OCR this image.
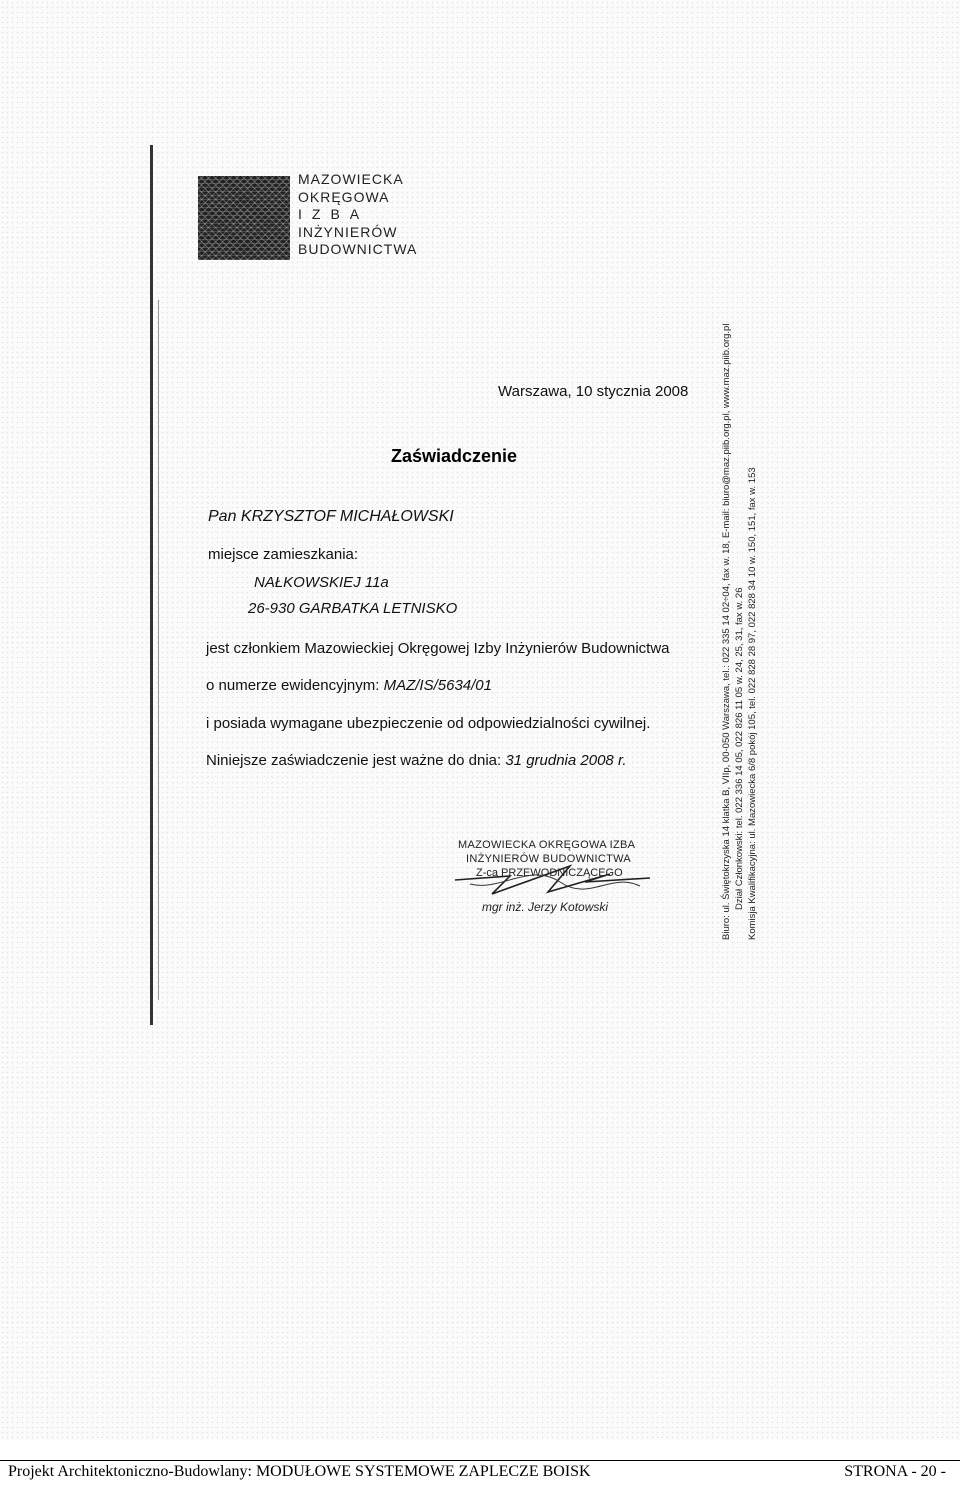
MAZOWIECKA
OKRĘGOWA
IZBA
INŻYNIERÓW
BUDOWNICTWA
Warszawa, 10 stycznia 2008
Zaświadczenie
Pan KRZYSZTOF MICHAŁOWSKI
miejsce zamieszkania:
NAŁKOWSKIEJ 11a
26-930 GARBATKA LETNISKO
jest członkiem Mazowieckiej Okręgowej Izby Inżynierów Budownictwa
o numerze ewidencyjnym: MAZ/IS/5634/01
i posiada wymagane ubezpieczenie od odpowiedzialności cywilnej.
Niniejsze zaświadczenie jest ważne do dnia: 31 grudnia 2008 r.
MAZOWIECKA OKRĘGOWA IZBA
INŻYNIERÓW BUDOWNICTWA
Z-ca PRZEWODNICZĄCEGO
mgr inż. Jerzy Kotowski	Biuro: ul. Świętokrzyska 14 klatka B, VIIp, 00-050 Warszawa, tel.: 022 335 14 02÷04, fax w. 18, E-mail: biuro@maz.piib.org.pl, www.maz.piib.org.pl Dział Członkowski: tel. 022 336 14 05, 022 826 11 05 w. 24, 25, 31, fax w. 26 Komisja Kwalifikacyjna: ul. Mazowiecka 6/8 pokój 105, tel. 022 828 28 97, 022 828 34 10 w. 150, 151, fax w. 153
Projekt Architektoniczno-Budowlany: MODUŁOWE SYSTEMOWE ZAPLECZE BOISK	STRONA - 20 -
